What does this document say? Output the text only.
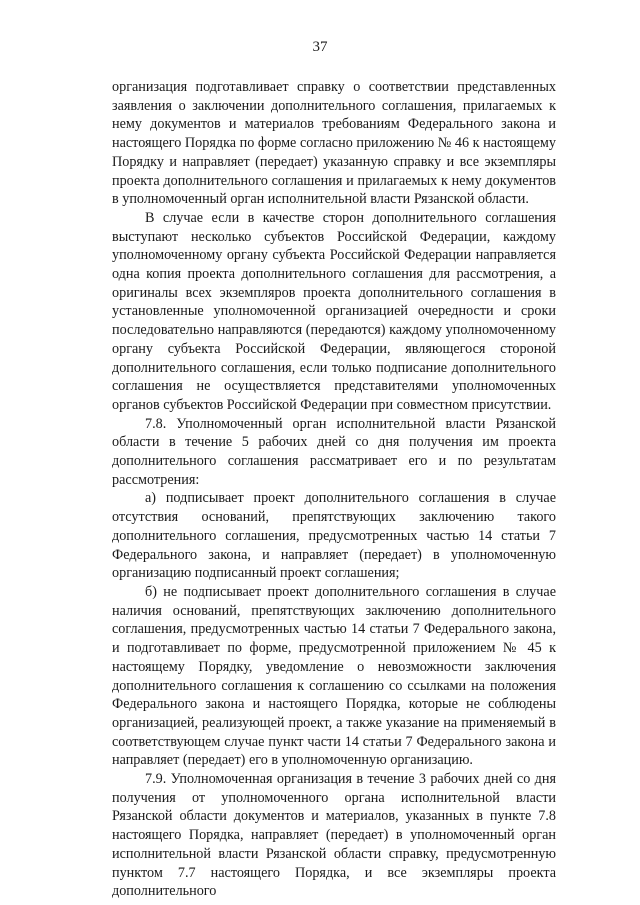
37

организация подготавливает справку о соответствии представленных заявления о заключении дополнительного соглашения, прилагаемых к нему документов и материалов требованиям Федерального закона и настоящего Порядка по форме согласно приложению № 46 к настоящему Порядку и направляет (передает) указанную справку и все экземпляры проекта дополнительного соглашения и прилагаемых к нему документов в уполномоченный орган исполнительной власти Рязанской области.

В случае если в качестве сторон дополнительного соглашения выступают несколько субъектов Российской Федерации, каждому уполномоченному органу субъекта Российской Федерации направляется одна копия проекта дополнительного соглашения для рассмотрения, а оригиналы всех экземпляров проекта дополнительного соглашения в установленные уполномоченной организацией очередности и сроки последовательно направляются (передаются) каждому уполномоченному органу субъекта Российской Федерации, являющегося стороной дополнительного соглашения, если только подписание дополнительного соглашения не осуществляется представителями уполномоченных органов субъектов Российской Федерации при совместном присутствии.

7.8. Уполномоченный орган исполнительной власти Рязанской области в течение 5 рабочих дней со дня получения им проекта дополнительного соглашения рассматривает его и по результатам рассмотрения:

а) подписывает проект дополнительного соглашения в случае отсутствия оснований, препятствующих заключению такого дополнительного соглашения, предусмотренных частью 14 статьи 7 Федерального закона, и направляет (передает) в уполномоченную организацию подписанный проект соглашения;

б) не подписывает проект дополнительного соглашения в случае наличия оснований, препятствующих заключению дополнительного соглашения, предусмотренных частью 14 статьи 7 Федерального закона, и подготавливает по форме, предусмотренной приложением № 45 к настоящему Порядку, уведомление о невозможности заключения дополнительного соглашения к соглашению со ссылками на положения Федерального закона и настоящего Порядка, которые не соблюдены организацией, реализующей проект, а также указание на применяемый в соответствующем случае пункт части 14 статьи 7 Федерального закона и направляет (передает) его в уполномоченную организацию.

7.9. Уполномоченная организация в течение 3 рабочих дней со дня получения от уполномоченного органа исполнительной власти Рязанской области документов и материалов, указанных в пункте 7.8 настоящего Порядка, направляет (передает) в уполномоченный орган исполнительной власти Рязанской области справку, предусмотренную пунктом 7.7 настоящего Порядка, и все экземпляры проекта дополнительного
